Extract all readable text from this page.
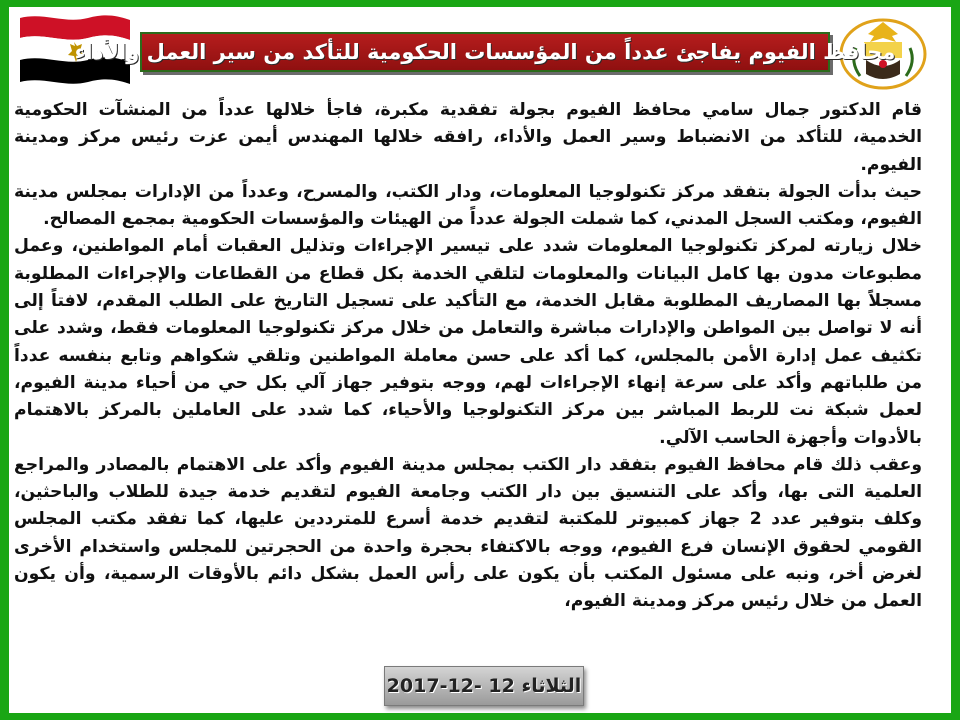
محافظ الفيوم يفاجئ عدداً من المؤسسات الحكومية للتأكد من سير العمل والأداء

قام الدكتور جمال سامي محافظ الفيوم بجولة تفقدية مكبرة، فاجأ خلالها عدداً من المنشآت الحكومية الخدمية، للتأكد من الانضباط وسير العمل والأداء، رافقه خلالها المهندس أيمن عزت رئيس مركز ومدينة الفيوم.

حيث بدأت الجولة بتفقد مركز تكنولوجيا المعلومات، ودار الكتب، والمسرح، وعدداً من الإدارات بمجلس مدينة الفيوم، ومكتب السجل المدني، كما شملت الجولة عدداً من الهيئات والمؤسسات الحكومية بمجمع المصالح.

خلال زيارته لمركز تكنولوجيا المعلومات شدد على تيسير الإجراءات وتذليل العقبات أمام المواطنين، وعمل مطبوعات مدون بها كامل البيانات والمعلومات لتلقي الخدمة بكل قطاع من القطاعات والإجراءات المطلوبة مسجلاً بها المصاريف المطلوبة مقابل الخدمة، مع التأكيد على تسجيل التاريخ على الطلب المقدم، لافتاً إلى أنه لا تواصل بين المواطن والإدارات مباشرة والتعامل من خلال مركز تكنولوجيا المعلومات فقط، وشدد على تكثيف عمل إدارة الأمن بالمجلس، كما أكد على حسن معاملة المواطنين وتلقي شكواهم وتابع بنفسه عدداً من طلباتهم وأكد على سرعة إنهاء الإجراءات لهم، ووجه بتوفير جهاز آلي بكل حي من أحياء مدينة الفيوم، لعمل شبكة نت للربط المباشر بين مركز التكنولوجيا والأحياء، كما شدد على العاملين بالمركز بالاهتمام بالأدوات وأجهزة الحاسب الآلي.

وعقب ذلك قام محافظ الفيوم بتفقد دار الكتب بمجلس مدينة الفيوم وأكد على الاهتمام بالمصادر والمراجع العلمية التى بها، وأكد على التنسيق بين دار الكتب وجامعة الفيوم لتقديم خدمة جيدة للطلاب والباحثين، وكلف بتوفير عدد 2 جهاز كمبيوتر للمكتبة لتقديم خدمة أسرع للمترددين عليها، كما تفقد مكتب المجلس القومي لحقوق الإنسان فرع الفيوم، ووجه بالاكتفاء بحجرة واحدة من الحجرتين للمجلس واستخدام الأخرى لغرض أخر، ونبه على مسئول المكتب بأن يكون على رأس العمل بشكل دائم بالأوقات الرسمية، وأن يكون العمل من خلال رئيس مركز ومدينة الفيوم،

الثلاثاء 12 -12-2017
